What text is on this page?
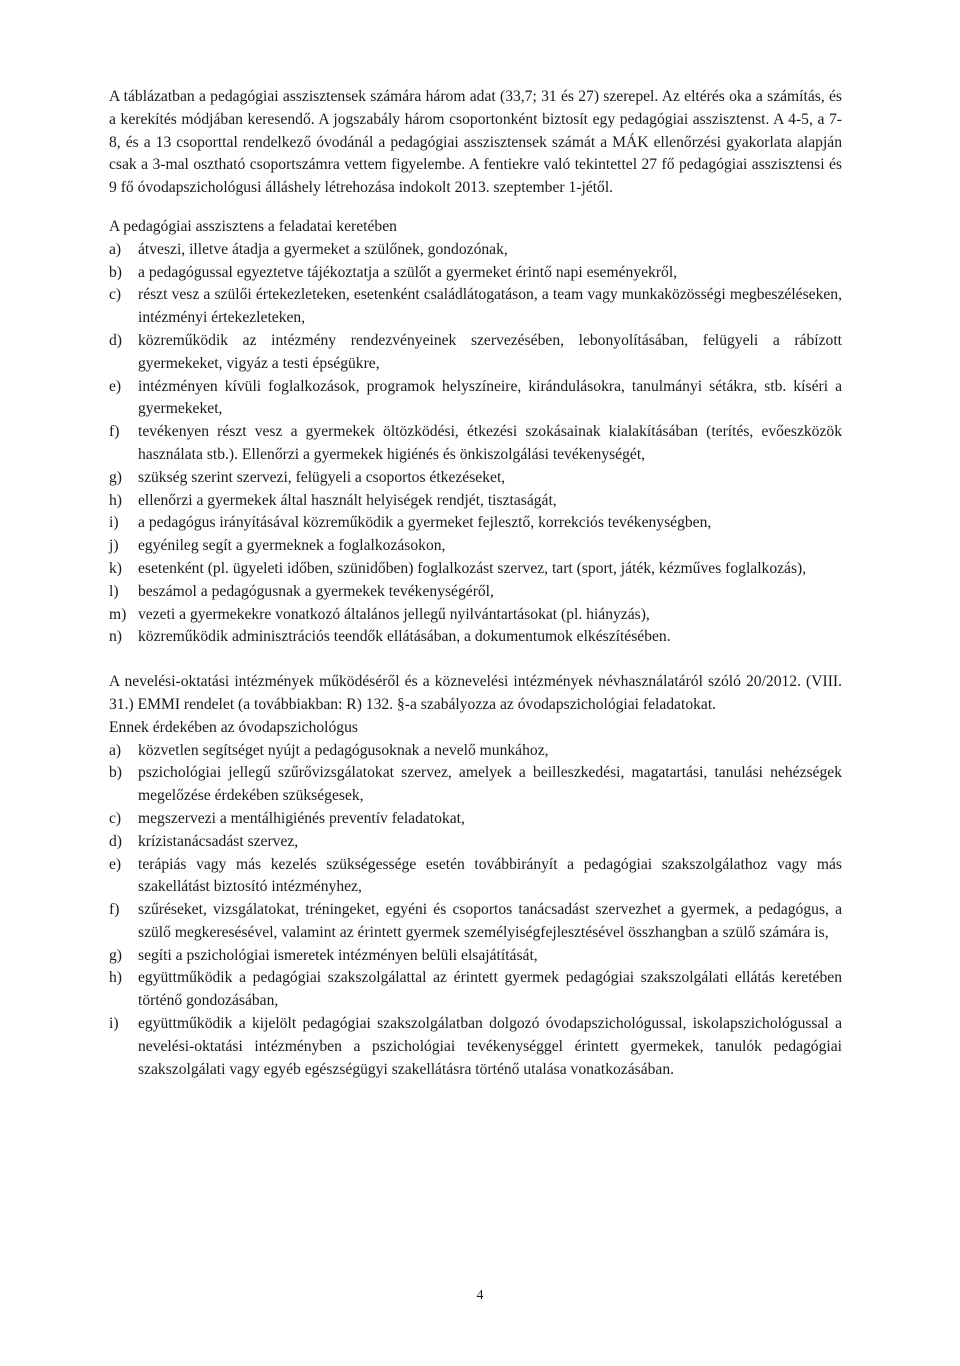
A táblázatban a pedagógiai asszisztensek számára három adat (33,7; 31 és 27) szerepel. Az eltérés oka a számítás, és a kerekítés módjában keresendő. A jogszabály három csoportonként biztosít egy pedagógiai asszisztenst. A 4-5, a 7-8, és a 13 csoporttal rendelkező óvodánál a pedagógiai asszisztensek számát a MÁK ellenőrzési gyakorlata alapján csak a 3-mal osztható csoportszámra vettem figyelembe. A fentiekre való tekintettel 27 fő pedagógiai asszisztensi és 9 fő óvodapszichológusi álláshely létrehozása indokolt 2013. szeptember 1-jétől.

A pedagógiai asszisztens a feladatai keretében

a)	átveszi, illetve átadja a gyermeket a szülőnek, gondozónak,
b)	a pedagógussal egyeztetve tájékoztatja a szülőt a gyermeket érintő napi eseményekről,
c)	részt vesz a szülői értekezleteken, esetenként családlátogatáson, a team vagy munkaközösségi megbeszéléseken, intézményi értekezleteken,
d)	közreműködik az intézmény rendezvényeinek szervezésében, lebonyolításában, felügyeli a rábízott gyermekeket, vigyáz a testi épségükre,
e)	intézményen kívüli foglalkozások, programok helyszíneire, kirándulásokra, tanulmányi sétákra, stb. kíséri a gyermekeket,
f)	tevékenyen részt vesz a gyermekek öltözködési, étkezési szokásainak kialakításában (terítés, evőeszközök használata stb.). Ellenőrzi a gyermekek higiénés és önkiszolgálási tevékenységét,
g)	szükség szerint szervezi, felügyeli a csoportos étkezéseket,
h)	ellenőrzi a gyermekek által használt helyiségek rendjét, tisztaságát,
i)	a pedagógus irányításával közreműködik a gyermeket fejlesztő, korrekciós tevékenységben,
j)	egyénileg segít a gyermeknek a foglalkozásokon,
k)	esetenként (pl. ügyeleti időben, szünidőben) foglalkozást szervez, tart (sport, játék, kézműves foglalkozás),
l)	beszámol a pedagógusnak a gyermekek tevékenységéről,
m) vezeti a gyermekekre vonatkozó általános jellegű nyilvántartásokat (pl. hiányzás),
n)	közreműködik adminisztrációs teendők ellátásában, a dokumentumok elkészítésében.

A nevelési-oktatási intézmények működéséről és a köznevelési intézmények névhasználatáról szóló 20/2012. (VIII. 31.) EMMI rendelet (a továbbiakban: R) 132. §-a szabályozza az óvodapszichológiai feladatokat.

Ennek érdekében az óvodapszichológus

a)	közvetlen segítséget nyújt a pedagógusoknak a nevelő munkához,
b)	pszichológiai jellegű szűrővizsgálatokat szervez, amelyek a beilleszkedési, magatartási, tanulási nehézségek megelőzése érdekében szükségesek,
c)	megszervezi a mentálhigiénés preventív feladatokat,
d)	krízistanácsadást szervez,
e)	terápiás vagy más kezelés szükségessége esetén továbbirányít a pedagógiai szakszolgálathoz vagy más szakellátást biztosító intézményhez,
f)	szűréseket, vizsgálatokat, tréningeket, egyéni és csoportos tanácsadást szervezhet a gyermek, a pedagógus, a szülő megkeresésével, valamint az érintett gyermek személyiségfejlesztésével összhangban a szülő számára is,
g)	segíti a pszichológiai ismeretek intézményen belüli elsajátítását,
h)	együttműködik a pedagógiai szakszolgálattal az érintett gyermek pedagógiai szakszolgálati ellátás keretében történő gondozásában,
i)	együttműködik a kijelölt pedagógiai szakszolgálatban dolgozó óvodapszichológussal, iskolapszichológussal a nevelési-oktatási intézményben a pszichológiai tevékenységgel érintett gyermekek, tanulók pedagógiai szakszolgálati vagy egyéb egészségügyi szakellátásra történő utalása vonatkozásában.
4
